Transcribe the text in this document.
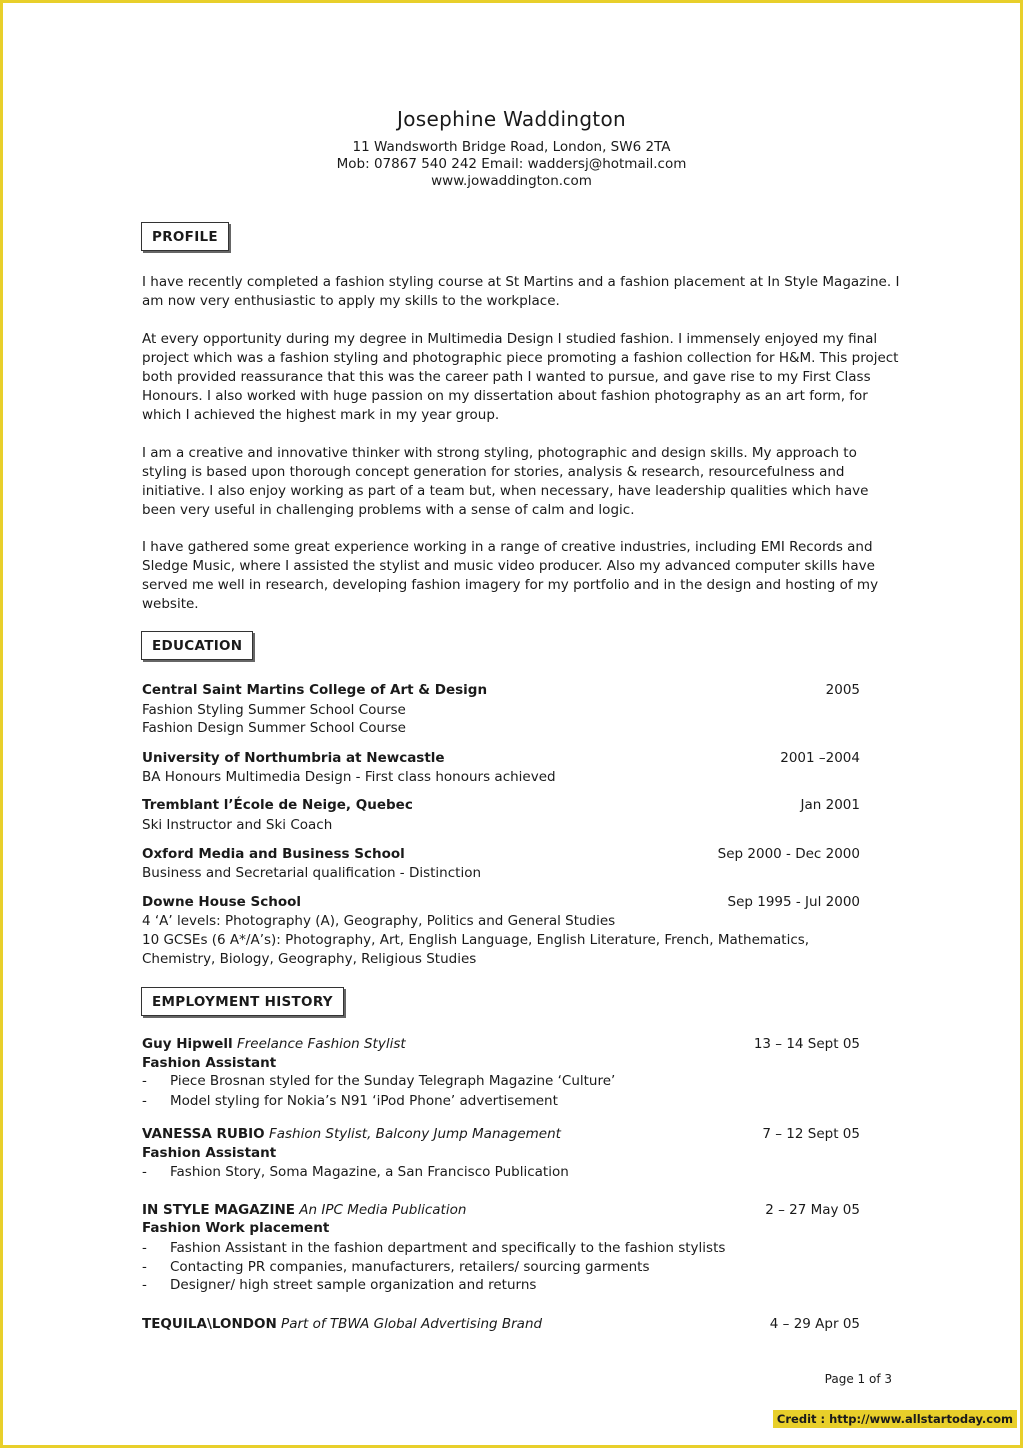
Josephine Waddington
11 Wandsworth Bridge Road, London, SW6 2TA
Mob: 07867 540 242 Email: waddersj@hotmail.com
www.jowaddington.com
PROFILE
I have recently completed a fashion styling course at St Martins and a fashion placement at In Style Magazine. I am now very enthusiastic to apply my skills to the workplace.
At every opportunity during my degree in Multimedia Design I studied fashion. I immensely enjoyed my final project which was a fashion styling and photographic piece promoting a fashion collection for H&M. This project both provided reassurance that this was the career path I wanted to pursue, and gave rise to my First Class Honours. I also worked with huge passion on my dissertation about fashion photography as an art form, for which I achieved the highest mark in my year group.
I am a creative and innovative thinker with strong styling, photographic and design skills. My approach to styling is based upon thorough concept generation for stories, analysis & research, resourcefulness and initiative. I also enjoy working as part of a team but, when necessary, have leadership qualities which have been very useful in challenging problems with a sense of calm and logic.
I have gathered some great experience working in a range of creative industries, including EMI Records and Sledge Music, where I assisted the stylist and music video producer. Also my advanced computer skills have served me well in research, developing fashion imagery for my portfolio and in the design and hosting of my website.
EDUCATION
Central Saint Martins College of Art & Design	2005
Fashion Styling Summer School Course
Fashion Design Summer School Course
University of Northumbria at Newcastle	2001 –2004
BA Honours Multimedia Design - First class honours achieved
Tremblant l’École de Neige, Quebec	Jan 2001
Ski Instructor and Ski Coach
Oxford Media and Business School	Sep 2000 - Dec 2000
Business and Secretarial qualification - Distinction
Downe House School	Sep 1995 - Jul 2000
4 ‘A’ levels: Photography (A), Geography, Politics and General Studies
10 GCSEs (6 A*/A’s): Photography, Art, English Language, English Literature, French, Mathematics,
Chemistry, Biology, Geography, Religious Studies
EMPLOYMENT HISTORY
Guy Hipwell Freelance Fashion Stylist	13 – 14 Sept 05
Fashion Assistant
- Piece Brosnan styled for the Sunday Telegraph Magazine ‘Culture’
- Model styling for Nokia’s N91 ‘iPod Phone’ advertisement
VANESSA RUBIO Fashion Stylist, Balcony Jump Management	7 – 12 Sept 05
Fashion Assistant
- Fashion Story, Soma Magazine, a San Francisco Publication
IN STYLE MAGAZINE An IPC Media Publication	2 – 27 May 05
Fashion Work placement
- Fashion Assistant in the fashion department and specifically to the fashion stylists
- Contacting PR companies, manufacturers, retailers/ sourcing garments
- Designer/ high street sample organization and returns
TEQUILA\LONDON Part of TBWA Global Advertising Brand	4 – 29 Apr 05
Page 1 of 3
Credit : http://www.allstartoday.com
